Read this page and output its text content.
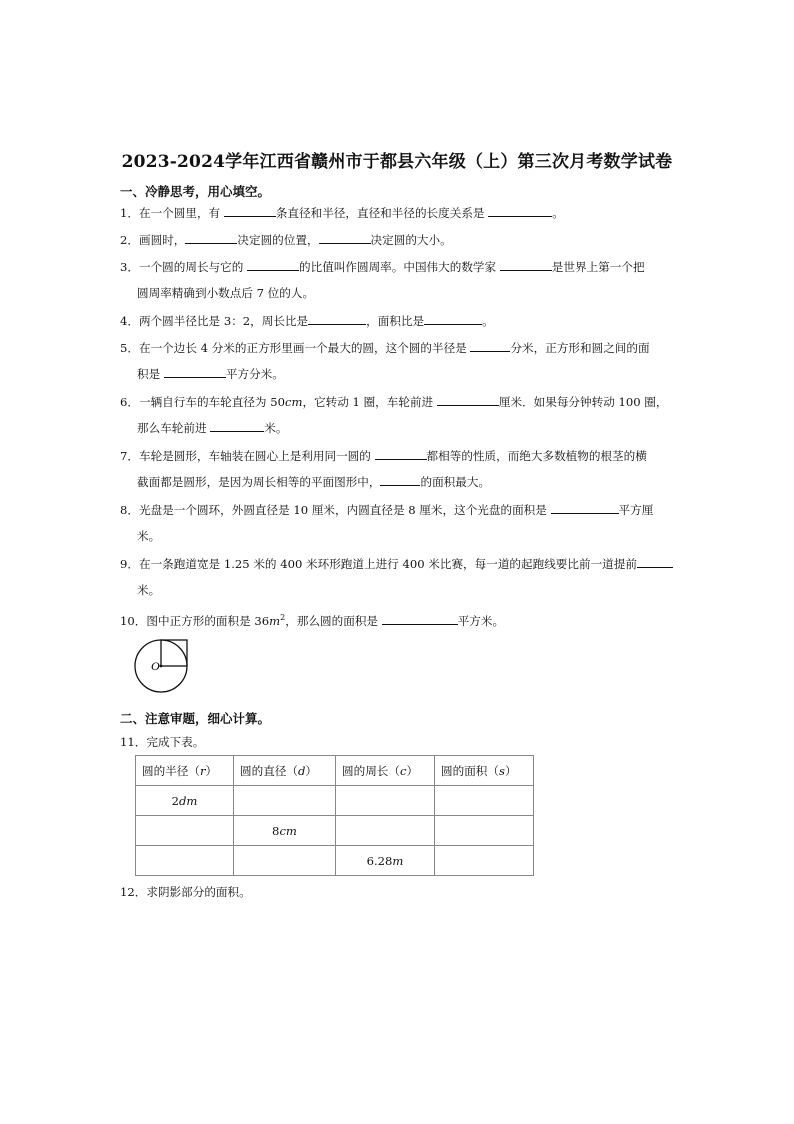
2023-2024学年江西省赣州市于都县六年级（上）第三次月考数学试卷
一、冷静思考，用心填空。
1．在一个圆里，有	条直径和半径，直径和半径的长度关系是	。
2．画圆时，	决定圆的位置，	决定圆的大小。
3．一个圆的周长与它的	的比值叫作圆周率。中国伟大的数学家	是世界上第一个把
圆周率精确到小数点后 7 位的人。
4．两个圆半径比是 3：2，周长比是	，面积比是	。
5．在一个边长 4 分米的正方形里画一个最大的圆，这个圆的半径是	分米，正方形和圆之间的面
积是	平方分米。
6．一辆自行车的车轮直径为 50cm，它转动 1 圈，车轮前进	厘米．如果每分钟转动 100 圈，
那么车轮前进	米。
7．车轮是圆形，车轴装在圆心上是利用同一圆的	都相等的性质，而绝大多数植物的根茎的横
截面都是圆形，是因为周长相等的平面图形中，	的面积最大。
8．光盘是一个圆环，外圆直径是 10 厘米，内圆直径是 8 厘米，这个光盘的面积是	平方厘
米。
9．在一条跑道宽是 1.25 米的 400 米环形跑道上进行 400 米比赛，每一道的起跑线要比前一道提前
米。
10．图中正方形的面积是 $36m^2$，那么圆的面积是	平方米。
O
二、注意审题，细心计算。
11．完成下表。
圆的半径（r）	圆的直径（d）	圆的周长（c）	圆的面积（s）
2dm			
	8cm		
		6.28m	
12．求阴影部分的面积。
